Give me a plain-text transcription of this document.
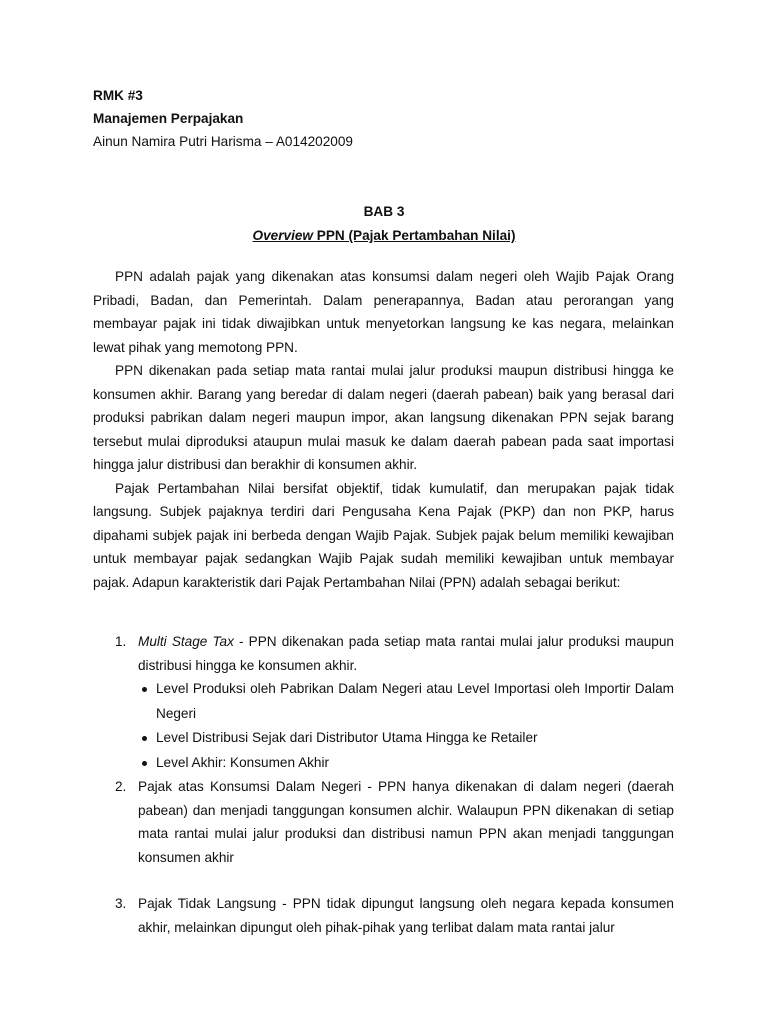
RMK #3
Manajemen Perpajakan
Ainun Namira Putri Harisma – A014202009
BAB 3
Overview PPN (Pajak Pertambahan Nilai)

PPN adalah pajak yang dikenakan atas konsumsi dalam negeri oleh Wajib Pajak Orang Pribadi, Badan, dan Pemerintah. Dalam penerapannya, Badan atau perorangan yang membayar pajak ini tidak diwajibkan untuk menyetorkan langsung ke kas negara, melainkan lewat pihak yang memotong PPN.

PPN dikenakan pada setiap mata rantai mulai jalur produksi maupun distribusi hingga ke konsumen akhir. Barang yang beredar di dalam negeri (daerah pabean) baik yang berasal dari produksi pabrikan dalam negeri maupun impor, akan langsung dikenakan PPN sejak barang tersebut mulai diproduksi ataupun mulai masuk ke dalam daerah pabean pada saat importasi hingga jalur distribusi dan berakhir di konsumen akhir.

Pajak Pertambahan Nilai bersifat objektif, tidak kumulatif, dan merupakan pajak tidak langsung. Subjek pajaknya terdiri dari Pengusaha Kena Pajak (PKP) dan non PKP, harus dipahami subjek pajak ini berbeda dengan Wajib Pajak. Subjek pajak belum memiliki kewajiban untuk membayar pajak sedangkan Wajib Pajak sudah memiliki kewajiban untuk membayar pajak. Adapun karakteristik dari Pajak Pertambahan Nilai (PPN) adalah sebagai berikut:

1. Multi Stage Tax - PPN dikenakan pada setiap mata rantai mulai jalur produksi maupun distribusi hingga ke konsumen akhir.
Level Produksi oleh Pabrikan Dalam Negeri atau Level Importasi oleh Importir Dalam Negeri
Level Distribusi Sejak dari Distributor Utama Hingga ke Retailer
Level Akhir: Konsumen Akhir
2. Pajak atas Konsumsi Dalam Negeri - PPN hanya dikenakan di dalam negeri (daerah pabean) dan menjadi tanggungan konsumen alchir. Walaupun PPN dikenakan di setiap mata rantai mulai jalur produksi dan distribusi namun PPN akan menjadi tanggungan konsumen akhir
3. Pajak Tidak Langsung - PPN tidak dipungut langsung oleh negara kepada konsumen akhir, melainkan dipungut oleh pihak-pihak yang terlibat dalam mata rantai jalur
